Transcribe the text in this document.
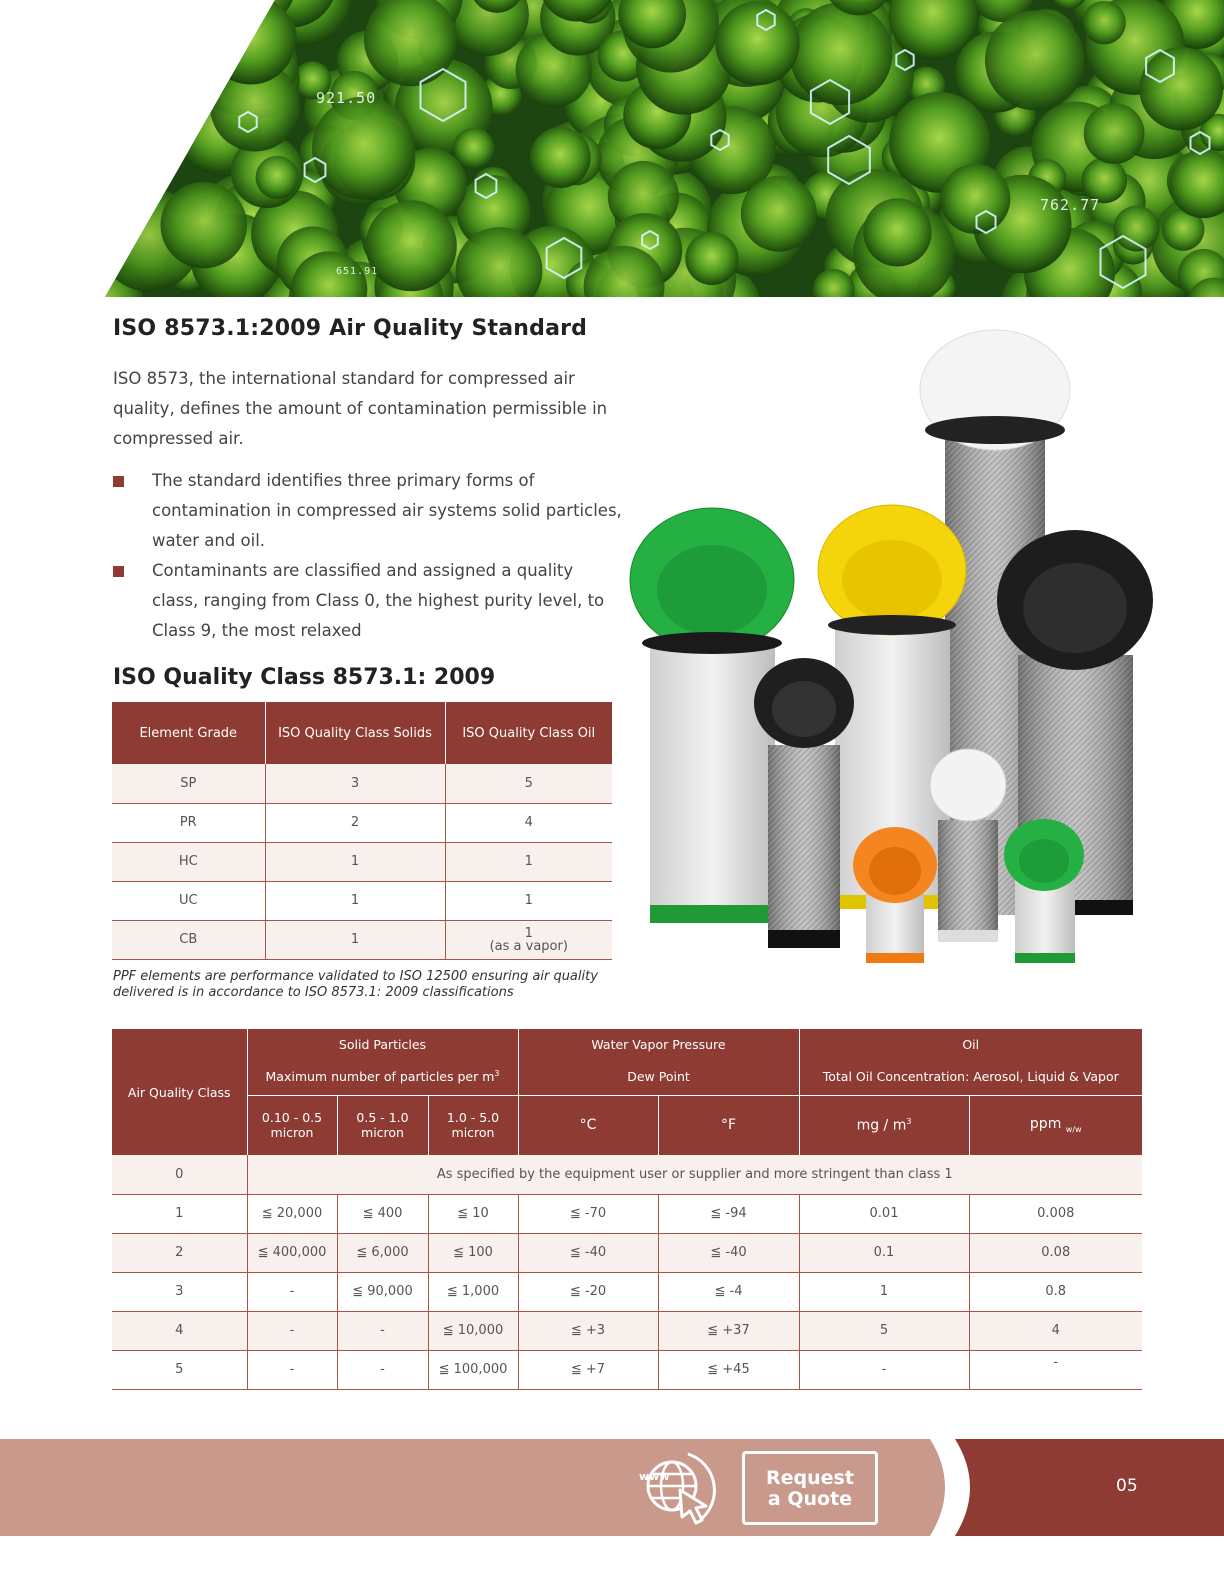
921.50
762.77
651.91
ISO 8573.1:2009 Air Quality Standard

ISO 8573, the international standard for compressed air quality, defines the amount of contamination permissible in compressed air.

The standard identifies three primary forms of contamination in compressed air systems solid particles, water and oil.
Contaminants are classified and assigned a quality class, ranging from Class 0, the highest purity level, to Class 9, the most relaxed
ISO Quality Class 8573.1: 2009
Element Grade	ISO Quality Class Solids	ISO Quality Class Oil
SP	3	5
PR	2	4
HC	1	1
UC	1	1
CB	1	1
(as a vapor)

PPF elements are performance validated to ISO 12500 ensuring air quality delivered is in accordance to ISO 8573.1: 2009 classifications

Air Quality Class	Solid Particles			Water Vapor Pressure		Oil	
	Maximum number of particles per $m^3$			Dew Point		Total Oil Concentration: Aerosol, Liquid & Vapor	
	0.10 - 0.5 micron	0.5 - 1.0 micron	1.0 - 5.0 micron	°C	°F	mg / $m^3$	ppm $_{w/w}$
0	As specified by the equipment user or supplier and more stringent than class 1						
1	≦ 20,000	≦ 400	≦ 10	≦ -70	≦ -94	0.01	0.008
2	≦ 400,000	≦ 6,000	≦ 100	≦ -40	≦ -40	0.1	0.08
3	-	≦ 90,000	≦ 1,000	≦ -20	≦ -4	1	0.8
4	-	-	≦ 10,000	≦ +3	≦ +37	5	4
5	-	-	≦ 100,000	≦ +7	≦ +45	-	-
www	Request
a Quote
05
